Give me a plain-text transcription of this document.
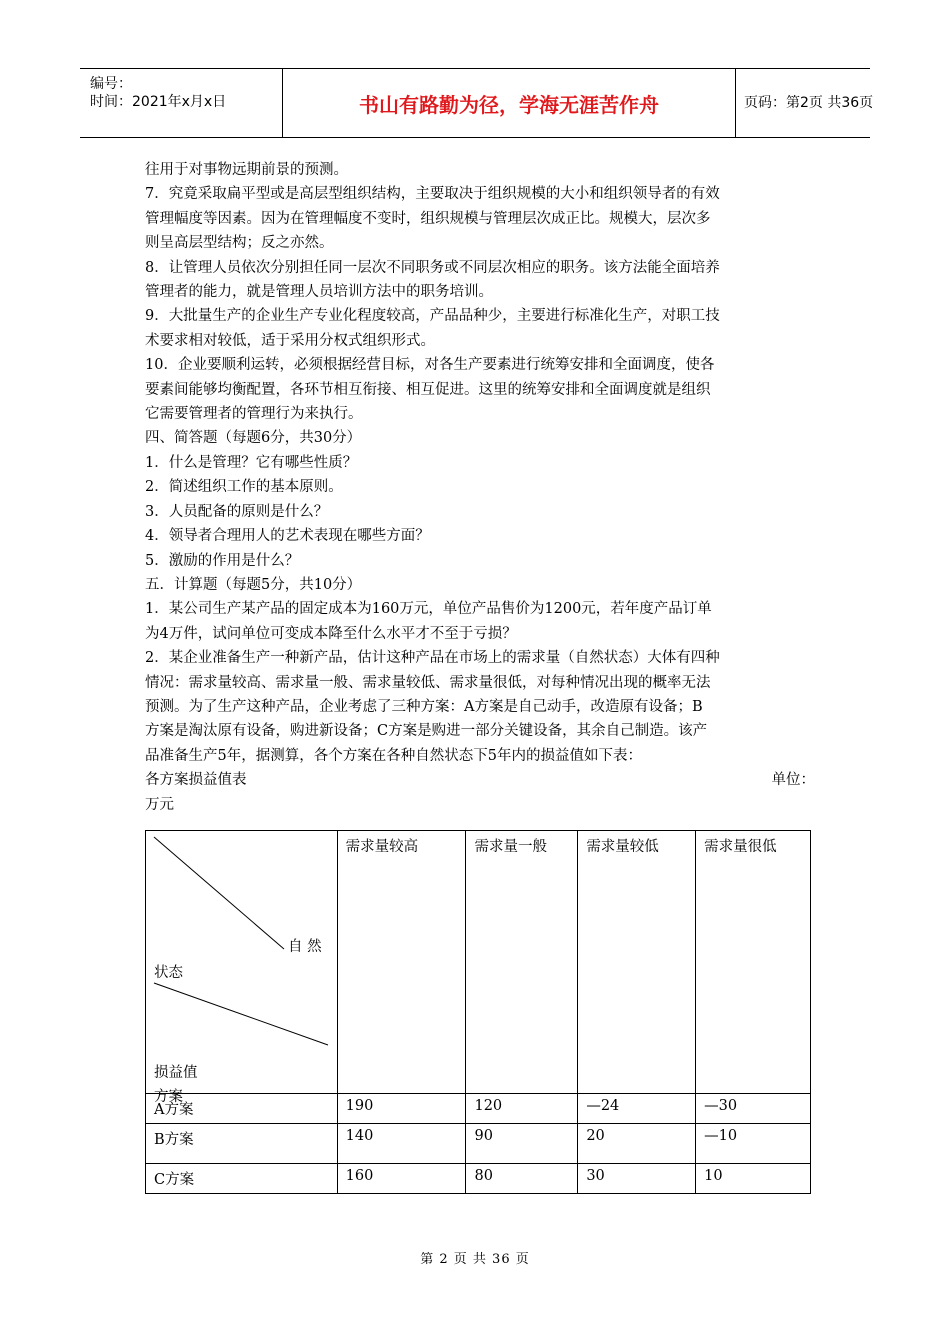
编号：
时间：2021年x月x日	书山有路勤为径，学海无涯苦作舟	页码：第2页 共36页

往用于对事物远期前景的预测。

7．究竟采取扁平型或是高层型组织结构，主要取决于组织规模的大小和组织领导者的有效

管理幅度等因素。因为在管理幅度不变时，组织规模与管理层次成正比。规模大，层次多

则呈高层型结构；反之亦然。

8．让管理人员依次分别担任同一层次不同职务或不同层次相应的职务。该方法能全面培养

管理者的能力，就是管理人员培训方法中的职务培训。

9．大批量生产的企业生产专业化程度较高，产品品种少，主要进行标准化生产，对职工技

术要求相对较低，适于采用分权式组织形式。

10．企业要顺利运转，必须根据经营目标，对各生产要素进行统筹安排和全面调度，使各

要素间能够均衡配置，各环节相互衔接、相互促进。这里的统筹安排和全面调度就是组织

它需要管理者的管理行为来执行。

四、简答题（每题6分，共30分）

1．什么是管理？它有哪些性质？

2．简述组织工作的基本原则。

3．人员配备的原则是什么？

4．领导者合理用人的艺术表现在哪些方面？

5．激励的作用是什么？

五．计算题（每题5分，共10分）

1．某公司生产某产品的固定成本为160万元，单位产品售价为1200元，若年度产品订单

为4万件，试问单位可变成本降至什么水平才不至于亏损？

2．某企业准备生产一种新产品，估计这种产品在市场上的需求量（自然状态）大体有四种

情况：需求量较高、需求量一般、需求量较低、需求量很低，对每种情况出现的概率无法

预测。为了生产这种产品，企业考虑了三种方案：A方案是自己动手，改造原有设备；B

方案是淘汰原有设备，购进新设备；C方案是购进一部分关键设备，其余自己制造。该产

品准备生产5年，据测算，各个方案在各种自然状态下5年内的损益值如下表：

各方案损益值表	单位：

万元

自 然
状态
损益值
方案	需求量较高	需求量一般	需求量较低	需求量很低
A方案	190	120	—24	—30
B方案	140	90	20	—10
C方案	160	80	30	10
第 2 页 共 36 页
